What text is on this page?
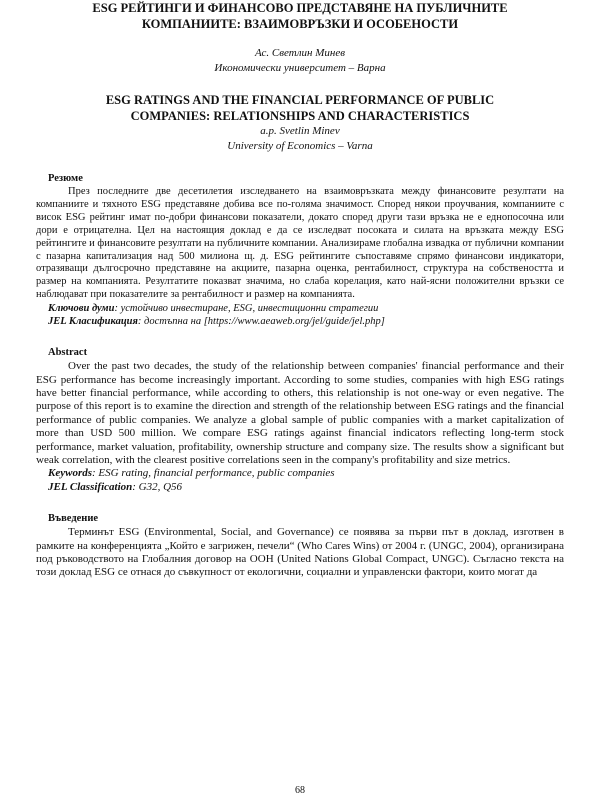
ESG РЕЙТИНГИ И ФИНАНСОВО ПРЕДСТАВЯНЕ НА ПУБЛИЧНИТЕ
КОМПАНИИТЕ: ВЗАИМОВРЪЗКИ И ОСОБЕНОСТИ

Ас. Светлин Минев

Икономически университет – Варна

ESG RATINGS AND THE FINANCIAL PERFORMANCE OF PUBLIC
COMPANIES: RELATIONSHIPS AND CHARACTERISTICS

a.p. Svetlin Minev

University of Economics – Varna

Резюме

През последните две десетилетия изследването на взаимовръзката между финансовите резултати на компаниите и тяхното ESG представяне добива все по-голяма значимост. Според някои проучвания, компаниите с висок ESG рейтинг имат по-добри финансови показатели, докато според други тази връзка не е еднопосочна или дори е отрицателна. Цел на настоящия доклад е да се изследват посоката и силата на връзката между ESG рейтингите и финансовите резултати на публичните компании. Анализираме глобална извадка от публични компании с пазарна капитализация над 500 милиона щ. д. ESG рейтингите съпоставяме спрямо финансови индикатори, отразяващи дългосрочно представяне на акциите, пазарна оценка, рентабилност, структура на собствеността и размер на компанията. Резултатите показват значима, но слаба корелация, като най-ясни положителни връзки се наблюдават при показателите за рентабилност и размер на компанията.

Ключови думи: устойчиво инвестиране, ESG, инвестиционни стратегии

JEL Класификация: достъпна на [https://www.aeaweb.org/jel/guide/jel.php]

Abstract

Over the past two decades, the study of the relationship between companies' financial performance and their ESG performance has become increasingly important. According to some studies, companies with high ESG ratings have better financial performance, while according to others, this relationship is not one-way or even negative. The purpose of this report is to examine the direction and strength of the relationship between ESG ratings and the financial performance of public companies. We analyze a global sample of public companies with a market capitalization of more than USD 500 million. We compare ESG ratings against financial indicators reflecting long-term stock performance, market valuation, profitability, ownership structure and company size. The results show a significant but weak correlation, with the clearest positive correlations seen in the company's profitability and size metrics.

Keywords: ESG rating, financial performance, public companies

JEL Classification: G32, Q56

Въведение

Терминът ESG (Environmental, Social, and Governance) се появява за първи път в доклад, изготвен в рамките на конференцията „Който е загрижен, печели“ (Who Cares Wins) от 2004 г. (UNGC, 2004), организирана под ръководството на Глобалния договор на ООН (United Nations Global Compact, UNGC). Съгласно текста на този доклад ESG се отнася до съвкупност от екологични, социални и управленски фактори, които могат да

68
